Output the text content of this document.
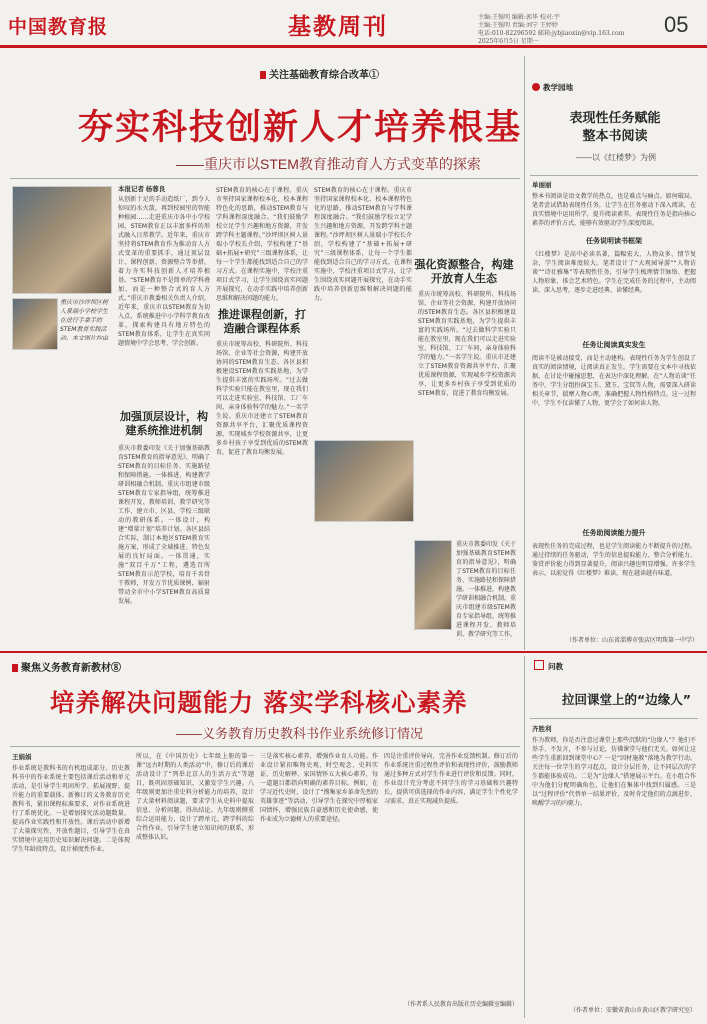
中国教育报	基教周刊	主编:王强明 编辑:郭华 校对:宇
主编:王强明 责编:刘宁 王婷婷
电话:010-82296592 邮箱:jybjiaoxin@vip.163.com
2025年6月5日 星期一
05
关注基础教育综合改革①
夯实科技创新人才培养根基
——重庆市以STEM教育推动育人方式变革的探索
本报记者 杨蓉良
重庆市沙坪坝区树人景瑞小学校学生在进行手拿手的STEM教育实践活动。本文图片均由
从创新十足的手动造纸厂，到令人惊叹的水火箭，再到校园里的智能种植园……走进重庆市各中小学校园，STEM教育正以丰富多样的形式融入日常教学。近年来，重庆市坚持将STEM教育作为推动育人方式变革的重要抓手，通过顶层设计、课程创新、资源整合等举措，着力夯实科技创新人才培养根基。“STEM教育不是简单的学科叠加，而是一种整合式的育人方式。”重庆市教委相关负责人介绍，近年来，重庆市以STEM教育为切入点，系统推进中小学科学教育改革，探索构建具有地方特色的STEM教育体系，让学生在真实问题情境中学会思考、学会创新。
加强顶层设计，构建系统推进机制
重庆市教委印发《关于加强基础教育STEM教育的指导意见》，明确了STEM教育的目标任务、实施路径和保障措施。一体推进，构建教学研训相融合机制。重庆市组建市级STEM教育专家指导组，统筹推进课程开发、教师培训、教学研究等工作，建立市、区县、学校三级联动的教研体系。一体设计，构建“增量计划”培养计划。各区县结合实际，制订本地区STEM教育实施方案，形成了全域推进、特色发展的良好局面。一体贯通，实施“双百千万”工程，遴选百所STEM教育示范学校，培育千名骨干教师，开发万节优质课例，辐射带动全市中小学STEM教育高质量发展。
STEM教育的核心在于课程。重庆市坚持国家课程校本化、校本课程特色化的思路，推动STEM教育与学科课程深度融合。“我们鼓励学校立足学生兴趣和地方资源，开发跨学科主题课程。”沙坪坝区树人景瑞小学校长介绍，学校构建了“基础+拓展+研究”三级课程体系，让每一个学生都能找到适合自己的学习方式。在课程实施中，学校注重项目式学习，让学生围绕真实问题开展探究，在动手实践中培养创新思维和解决问题的能力。
推进课程创新，打造融合课程体系
重庆市统筹高校、科研院所、科技场馆、企业等社会资源，构建开放协同的STEM教育生态。各区县积极建设STEM教育实践基地，为学生提供丰富的实践场所。“过去做科学实验只能在教室里，现在我们可以走进实验室、科技馆、工厂车间，亲身体验科学的魅力。”一名学生说。重庆市还建立了STEM教育资源共享平台，汇聚优质课程资源，实现城乡学校资源共享，让更多乡村孩子享受到优质的STEM教育，促进了教育均衡发展。
STEM教育的核心在于课程。重庆市坚持国家课程校本化、校本课程特色化的思路，推动STEM教育与学科课程深度融合。“我们鼓励学校立足学生兴趣和地方资源，开发跨学科主题课程。”沙坪坝区树人景瑞小学校长介绍，学校构建了“基础+拓展+研究”三级课程体系，让每一个学生都能找到适合自己的学习方式。在课程实施中，学校注重项目式学习，让学生围绕真实问题开展探究，在动手实践中培养创新思维和解决问题的能力。
强化资源整合，构建开放育人生态
重庆市统筹高校、科研院所、科技场馆、企业等社会资源，构建开放协同的STEM教育生态。各区县积极建设STEM教育实践基地，为学生提供丰富的实践场所。“过去做科学实验只能在教室里，现在我们可以走进实验室、科技馆、工厂车间，亲身体验科学的魅力。”一名学生说。重庆市还建立了STEM教育资源共享平台，汇聚优质课程资源，实现城乡学校资源共享，让更多乡村孩子享受到优质的STEM教育，促进了教育均衡发展。
重庆市教委印发《关于加强基础教育STEM教育的指导意见》，明确了STEM教育的目标任务、实施路径和保障措施。一体推进，构建教学研训相融合机制。重庆市组建市级STEM教育专家指导组，统筹推进课程开发、教师培训、教学研究等工作，
教学园地
表现性任务赋能
整本书阅读
——以《红楼梦》为例
单丽丽
整本书阅读是语文教学的热点，也是难点与痛点。如何破局，笔者尝试借助表现性任务，让学生在任务驱动下深入阅读，在真实情境中运用所学，提升阅读素养。表现性任务是指向核心素养的评价方式，能够有效驱动学生深度阅读。
任务说明读书框架
《红楼梦》是高中必读名著，篇幅宏大、人物众多、情节复杂，学生阅读难度较大。笔者设计了“大观园导游”“人物访谈”“诗社雅集”等表现性任务，引导学生梳理情节脉络、把握人物形象、体会艺术特色。学生在完成任务的过程中，主动阅读、深入思考，逐步走进经典、读懂经典。
任务让阅读真实发生
阅读不是被动接受，而是主动建构。表现性任务为学生创设了真实的阅读情境，让阅读真正发生。学生需要在文本中寻找依据，在讨论中碰撞思想，在表达中深化理解。在“人物访谈”任务中，学生分组扮演宝玉、黛玉、宝钗等人物，需要深入研读相关章节，揣摩人物心理，准确把握人物性格特点。这一过程中，学生不仅读懂了人物，更学会了如何读人物。
任务助阅读能力提升
表现性任务的完成过程，也是学生阅读能力不断提升的过程。通过持续的任务驱动，学生的信息提取能力、整合分析能力、鉴赏评价能力得到显著提升，阅读兴趣也明显增强。许多学生表示，以前觉得《红楼梦》难读，现在越读越有味道。
（作者单位：山东省淄博市张店区明珠第一中学）
聚焦义务教育新教材⑧
培养解决问题能力 落实学科核心素养
——义务教育历史教科书作业系统修订情况
王娟娟
作业系统是教科书的有机组成部分。历史教科书中的作业系统主要包括课后活动和单元活动，是引导学生巩固所学、拓展视野、提升能力的重要载体。新修订的义务教育历史教科书，紧扣课程标准要求，对作业系统进行了系统优化。一是增加探究活动题数量，提高作业实践性和开放性。课后活动中新增了大量探究性、开放性题目，引导学生在真实情境中运用历史知识解决问题。二是体现学生年龄段特点，设计梯度性作业。
所以，在《中国历史》七年级上册的第一课“远古时期的人类活动”中，修订后的课后活动设计了“列举北京人的生活方式”等题目，既巩固基础知识，又激发学生兴趣。八年级则更加注重史料分析能力的培养，设计了大量材料阅读题，要求学生从史料中提取信息、分析问题、得出结论。九年级则侧重综合运用能力，设计了跨单元、跨学科的综合性作业，引导学生建立知识间的联系，形成整体认识。
三是落实核心素养，增强作业育人功能。作业设计紧扣唯物史观、时空观念、史料实证、历史解释、家国情怀五大核心素养，每一道题目都指向明确的素养目标。例如，在学习近代史时，设计了“搜集家乡革命先烈的英雄事迹”等活动，引导学生在探究中厚植家国情怀，增强民族自豪感和历史使命感，使作业成为立德树人的重要途径。
四是注重评价导向，完善作业反馈机制。修订后的作业系统注重过程性评价和表现性评价，鼓励教师通过多种方式对学生作业进行评价和反馈。同时，作业设计充分考虑不同学生的学习基础和兴趣特长，提供可供选择的作业内容，满足学生个性化学习需求，真正实现减负提质。
（作者系人民教育出版社历史编辑室编辑）
问教
拉回课堂上的“边缘人”
齐胜利
作为教师，你是否注意过课堂上那些沉默的“边缘人”？他们不举手、不发言，不参与讨论，仿佛课堂与他们无关。如何让这些学生重新回到课堂中心？一是“因材施教”落地为教学行动。关注每一位学生的学习起点，设计分层任务，让不同层次的学生都能体验成功。二是为“边缘人”搭建展示平台。在小组合作中为他们分配明确角色，让他们在集体中找到归属感。三是以“过程评价”代替单一结果评价，及时肯定他们的点滴进步，唤醒学习的内驱力。
（作者单位：安徽省黄山市黄山区教学研究室）
